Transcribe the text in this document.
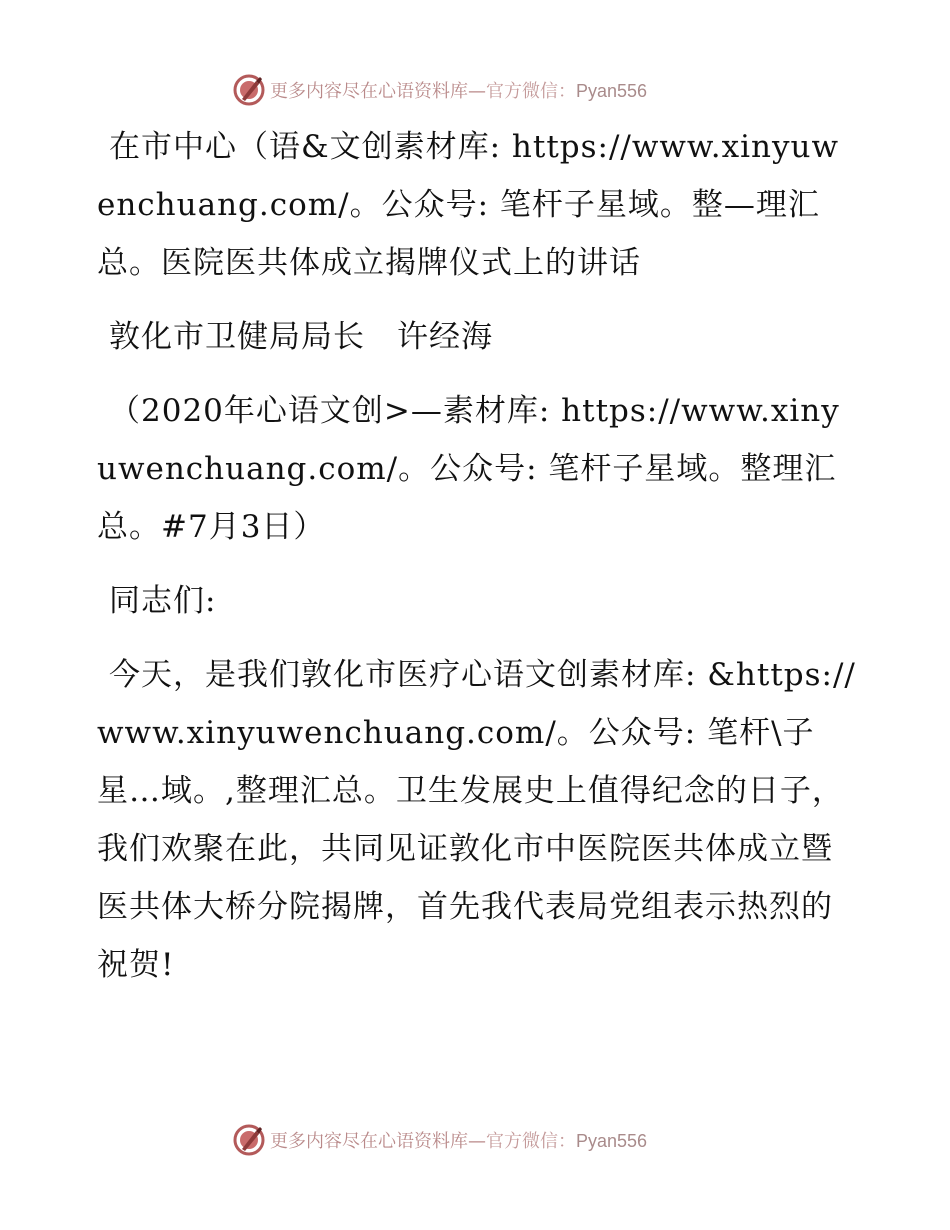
更多内容尽在心语资料库—官方微信：Pyan556

在市中心（语&文创素材库: https://www.xinyuwenchuang.com/。公众号: 笔杆子星域。整—理汇总。医院医共体成立揭牌仪式上的讲话

敦化市卫健局局长　许经海

（2020年心语文创>—素材库: https://www.xinyuwenchuang.com/。公众号: 笔杆子星域。整理汇总。#7月3日）

同志们:

今天，是我们敦化市医疗心语文创素材库: &https://www.xinyuwenchuang.com/。公众号: 笔杆\子星…域。,整理汇总。卫生发展史上值得纪念的日子，我们欢聚在此，共同见证敦化市中医院医共体成立暨医共体大桥分院揭牌，首先我代表局党组表示热烈的祝贺!

更多内容尽在心语资料库—官方微信：Pyan556
